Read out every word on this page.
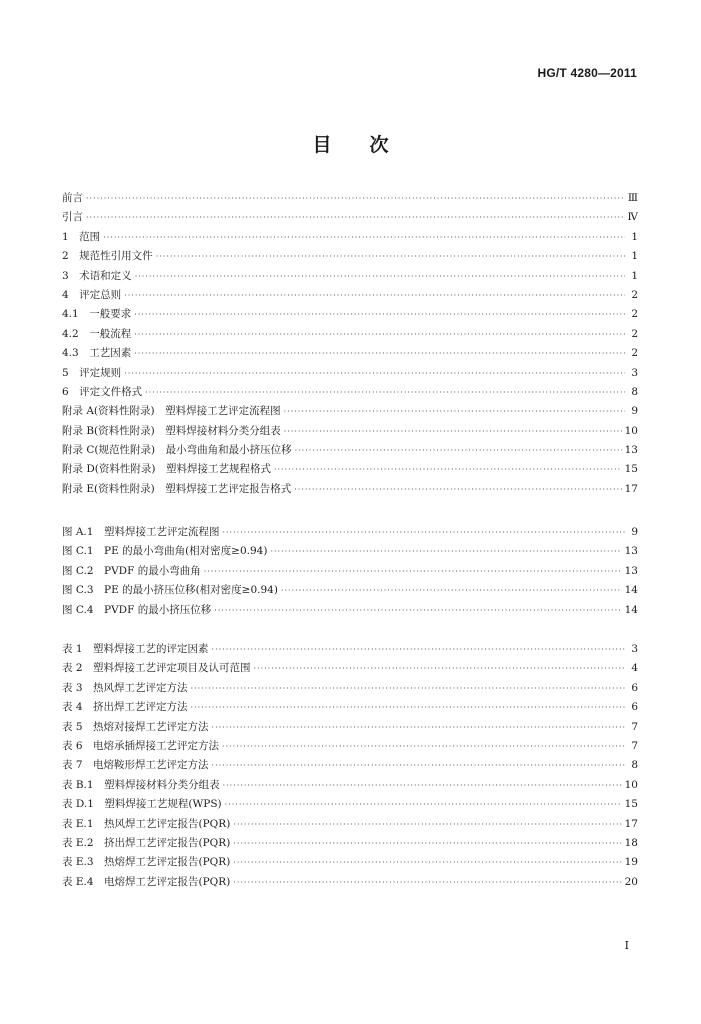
HG/T 4280—2011
目次
前言 ·····	Ⅲ
引言 ·····	Ⅳ
1　范围 ·····	1
2　规范性引用文件 ·····	1
3　术语和定义 ·····	1
4　评定总则 ·····	2
4.1　一般要求 ·····	2
4.2　一般流程 ·····	2
4.3　工艺因素 ·····	2
5　评定规则 ·····	3
6　评定文件格式 ·····	8
附录 A(资料性附录)　塑料焊接工艺评定流程图 ·····	9
附录 B(资料性附录)　塑料焊接材料分类分组表 ·····	10
附录 C(规范性附录)　最小弯曲角和最小挤压位移 ·····	13
附录 D(资料性附录)　塑料焊接工艺规程格式 ·····	15
附录 E(资料性附录)　塑料焊接工艺评定报告格式 ·····	17
图 A.1　塑料焊接工艺评定流程图 ·····	9
图 C.1　PE 的最小弯曲角(相对密度≥0.94) ·····	13
图 C.2　PVDF 的最小弯曲角 ·····	13
图 C.3　PE 的最小挤压位移(相对密度≥0.94) ·····	14
图 C.4　PVDF 的最小挤压位移 ·····	14
表 1　塑料焊接工艺的评定因素 ·····	3
表 2　塑料焊接工艺评定项目及认可范围 ·····	4
表 3　热风焊工艺评定方法 ·····	6
表 4　挤出焊工艺评定方法 ·····	6
表 5　热熔对接焊工艺评定方法 ·····	7
表 6　电熔承插焊接工艺评定方法 ·····	7
表 7　电熔鞍形焊工艺评定方法 ·····	8
表 B.1　塑料焊接材料分类分组表 ·····	10
表 D.1　塑料焊接工艺规程(WPS) ·····	15
表 E.1　热风焊工艺评定报告(PQR) ·····	17
表 E.2　挤出焊工艺评定报告(PQR) ·····	18
表 E.3　热熔焊工艺评定报告(PQR) ·····	19
表 E.4　电熔焊工艺评定报告(PQR) ·····	20
I
